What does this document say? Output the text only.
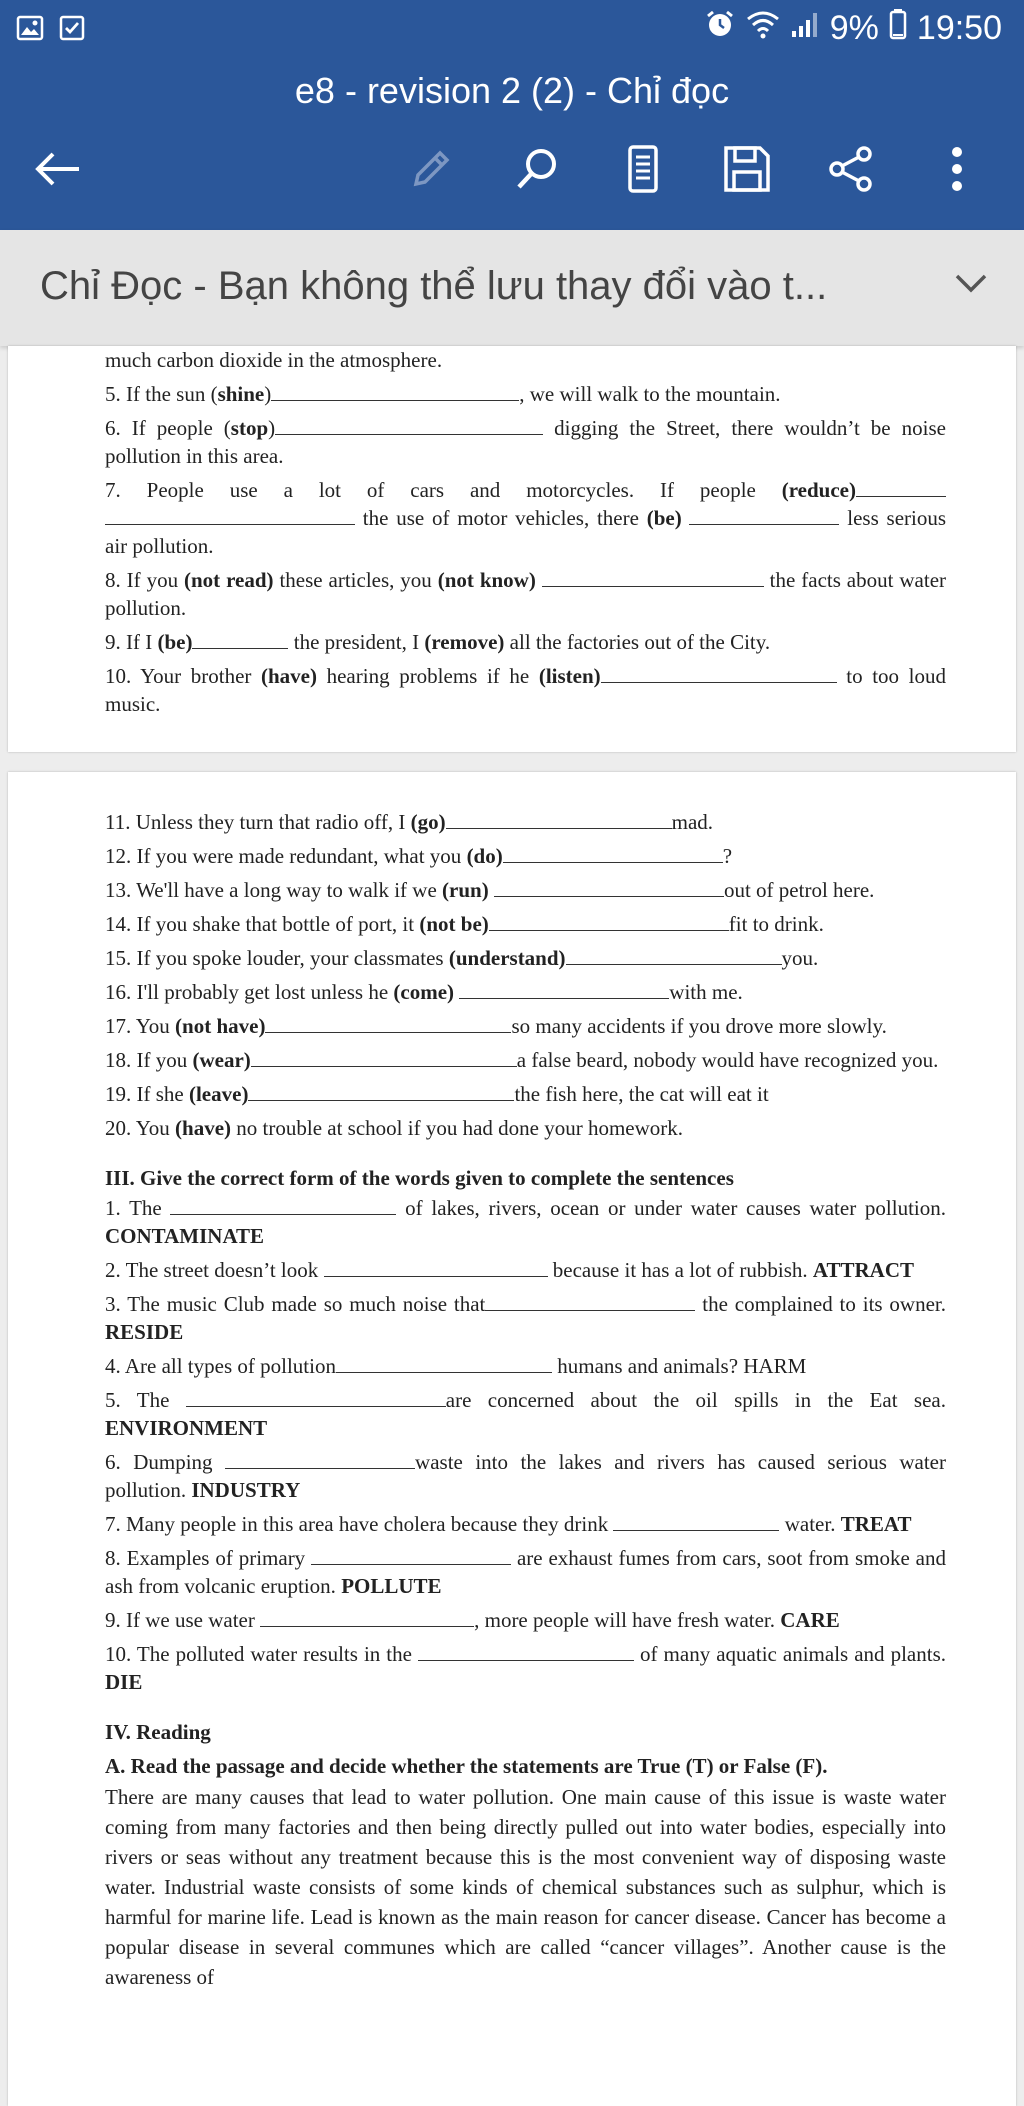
9% 19:50
e8 - revision 2 (2) - Chỉ đọc
Chỉ Đọc - Bạn không thể lưu thay đổi vào t...

much carbon dioxide in the atmosphere.

5. If the sun (shine)	, we will walk to the mountain.

6. If people (stop)	digging the Street, there wouldn’t be noise pollution in this area.

7. People use a lot of cars and motorcycles. If people (reduce)  the use of motor vehicles, there (be)	less serious air pollution.

8. If you (not read) these articles, you (not know)	the facts about water pollution.

9. If I (be)	the president, I (remove) all the factories out of the City.

10. Your brother (have) hearing problems if he (listen)	to too loud music.

11. Unless they turn that radio off, I (go)	mad.

12. If you were made redundant, what you (do)	?

13. We'll have a long way to walk if we (run)	out of petrol here.

14. If you shake that bottle of port, it (not be)	fit to drink.

15. If you spoke louder, your classmates (understand)	you.

16. I'll probably get lost unless he (come)	with me.

17. You (not have)	so many accidents if you drove more slowly.

18. If you (wear)	a false beard, nobody would have recognized you.

19. If she (leave)	the fish here, the cat will eat it

20. You (have) no trouble at school if you had done your homework.

III. Give the correct form of the words given to complete the sentences

1. The	of lakes, rivers, ocean or under water causes water pollution. CONTAMINATE

2. The street doesn’t look	because it has a lot of rubbish. ATTRACT

3. The music Club made so much noise that	the complained to its owner. RESIDE

4. Are all types of pollution	humans and animals? HARM

5. The	are concerned about the oil spills in the Eat sea. ENVIRONMENT

6. Dumping	waste into the lakes and rivers has caused serious water pollution. INDUSTRY

7. Many people in this area have cholera because they drink	water. TREAT

8. Examples of primary	are exhaust fumes from cars, soot from smoke and ash from volcanic eruption. POLLUTE

9. If we use water	, more people will have fresh water. CARE

10. The polluted water results in the	of many aquatic animals and plants. DIE

IV. Reading

A. Read the passage and decide whether the statements are True (T) or False (F).

There are many causes that lead to water pollution. One main cause of this issue is waste water coming from many factories and then being directly pulled out into water bodies, especially into rivers or seas without any treatment because this is the most convenient way of disposing waste water. Industrial waste consists of some kinds of chemical substances such as sulphur, which is harmful for marine life. Lead is known as the main reason for cancer disease. Cancer has become a popular disease in several communes which are called “cancer villages”. Another cause is the awareness of
